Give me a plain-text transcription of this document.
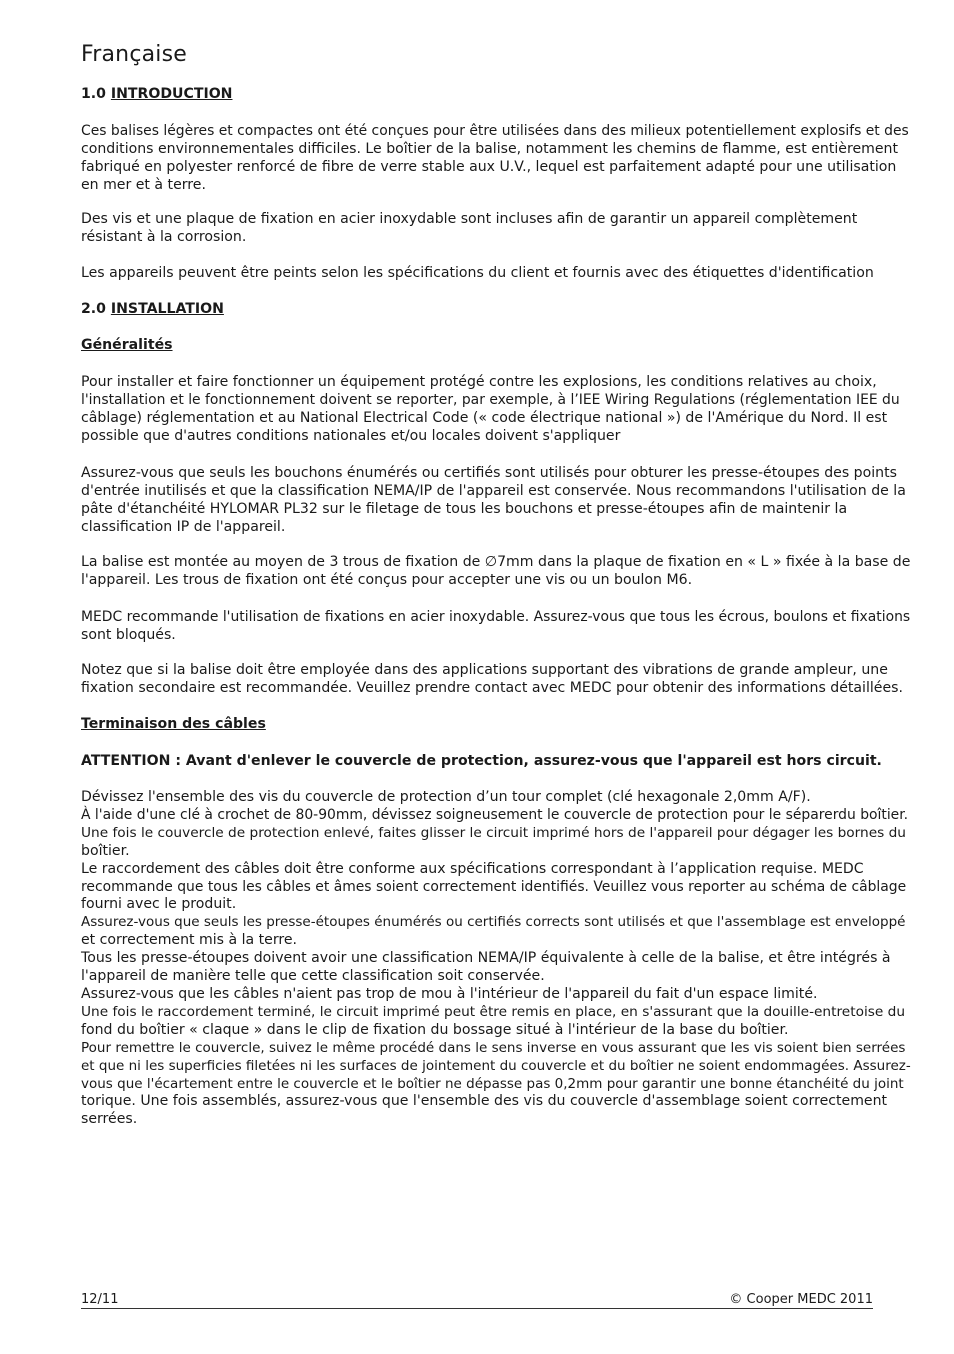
Française
1.0 INTRODUCTION
Ces balises légères et compactes ont été conçues pour être utilisées dans des milieux potentiellement explosifs et des
conditions environnementales difficiles. Le boîtier de la balise, notamment les chemins de flamme, est entièrement
fabriqué en polyester renforcé de fibre de verre stable aux U.V., lequel est parfaitement adapté pour une utilisation
en mer et à terre.
Des vis et une plaque de fixation en acier inoxydable sont incluses afin de garantir un appareil complètement
résistant à la corrosion.
Les appareils peuvent être peints selon les spécifications du client et fournis avec des étiquettes d'identification
2.0 INSTALLATION
Généralités
Pour installer et faire fonctionner un équipement protégé contre les explosions, les conditions relatives au choix,
l'installation et le fonctionnement doivent se reporter, par exemple, à l’IEE Wiring Regulations (réglementation IEE du
câblage) réglementation et au National Electrical Code (« code électrique national ») de l'Amérique du Nord. Il est
possible que d'autres conditions nationales et/ou locales doivent s'appliquer
Assurez-vous que seuls les bouchons énumérés ou certifiés sont utilisés pour obturer les presse-étoupes des points
d'entrée inutilisés et que la classification NEMA/IP de l'appareil est conservée. Nous recommandons l'utilisation de la
pâte d'étanchéité HYLOMAR PL32 sur le filetage de tous les bouchons et presse-étoupes afin de maintenir la
classification IP de l'appareil.
La balise est montée au moyen de 3 trous de fixation de ∅7mm dans la plaque de fixation en « L » fixée à la base de
l'appareil. Les trous de fixation ont été conçus pour accepter une vis ou un boulon M6.
MEDC recommande l'utilisation de fixations en acier inoxydable. Assurez-vous que tous les écrous, boulons et fixations
sont bloqués.
Notez que si la balise doit être employée dans des applications supportant des vibrations de grande ampleur, une
fixation secondaire est recommandée. Veuillez prendre contact avec MEDC pour obtenir des informations détaillées.
Terminaison des câbles
ATTENTION : Avant d'enlever le couvercle de protection, assurez-vous que l'appareil est hors circuit.
Dévissez l'ensemble des vis du couvercle de protection d’un tour complet (clé hexagonale 2,0mm A/F).
À l'aide d'une clé à crochet de 80-90mm, dévissez soigneusement le couvercle de protection pour le séparerdu boîtier.
Une fois le couvercle de protection enlevé, faites glisser le circuit imprimé hors de l'appareil pour dégager les bornes du
boîtier.
Le raccordement des câbles doit être conforme aux spécifications correspondant à l’application requise. MEDC
recommande que tous les câbles et âmes soient correctement identifiés. Veuillez vous reporter au schéma de câblage
fourni avec le produit.
Assurez-vous que seuls les presse-étoupes énumérés ou certifiés corrects sont utilisés et que l'assemblage est enveloppé
et correctement mis à la terre.
Tous les presse-étoupes doivent avoir une classification NEMA/IP équivalente à celle de la balise, et être intégrés à
l'appareil de manière telle que cette classification soit conservée.
Assurez-vous que les câbles n'aient pas trop de mou à l'intérieur de l'appareil du fait d'un espace limité.
Une fois le raccordement terminé, le circuit imprimé peut être remis en place, en s'assurant que la douille-entretoise du
fond du boîtier « claque » dans le clip de fixation du bossage situé à l'intérieur de la base du boîtier.
Pour remettre le couvercle, suivez le même procédé dans le sens inverse en vous assurant que les vis soient bien serrées
et que ni les superficies filetées ni les surfaces de jointement du couvercle et du boîtier ne soient endommagées. Assurez-
vous que l'écartement entre le couvercle et le boîtier ne dépasse pas 0,2mm pour garantir une bonne étanchéité du joint
torique. Une fois assemblés, assurez-vous que l'ensemble des vis du couvercle d'assemblage soient correctement
serrées.
12/11	© Cooper MEDC 2011
